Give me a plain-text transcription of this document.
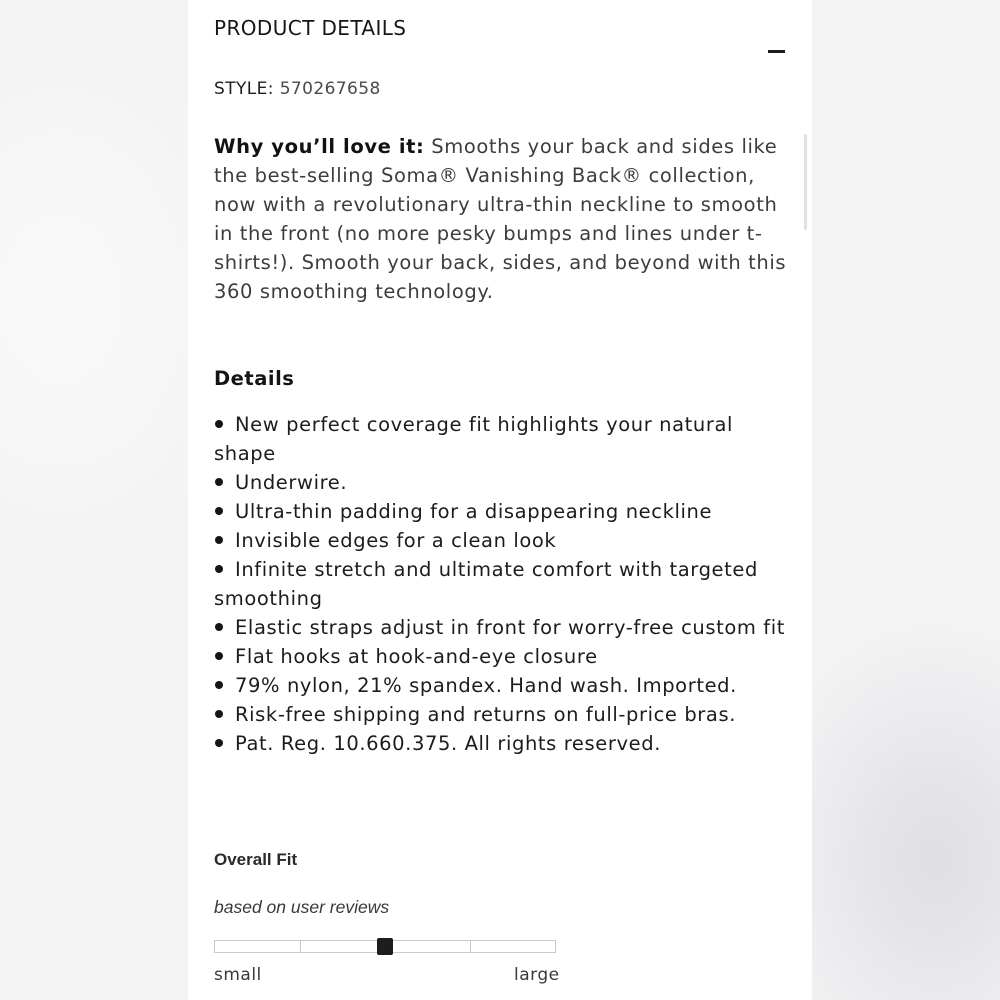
PRODUCT DETAILS
STYLE: 570267658

Why you’ll love it: Smooths your back and sides like the best-selling Soma® Vanishing Back® collection, now with a revolutionary ultra-thin neckline to smooth in the front (no more pesky bumps and lines under t-shirts!). Smooth your back, sides, and beyond with this 360 smoothing technology.

Details
New perfect coverage fit highlights your natural shape
Underwire.
Ultra-thin padding for a disappearing neckline
Invisible edges for a clean look
Infinite stretch and ultimate comfort with targeted smoothing
Elastic straps adjust in front for worry-free custom fit
Flat hooks at hook-and-eye closure
79% nylon, 21% spandex. Hand wash. Imported.
Risk-free shipping and returns on full-price bras.
Pat. Reg. 10.660.375. All rights reserved.
Overall Fit
based on user reviews
small	large
